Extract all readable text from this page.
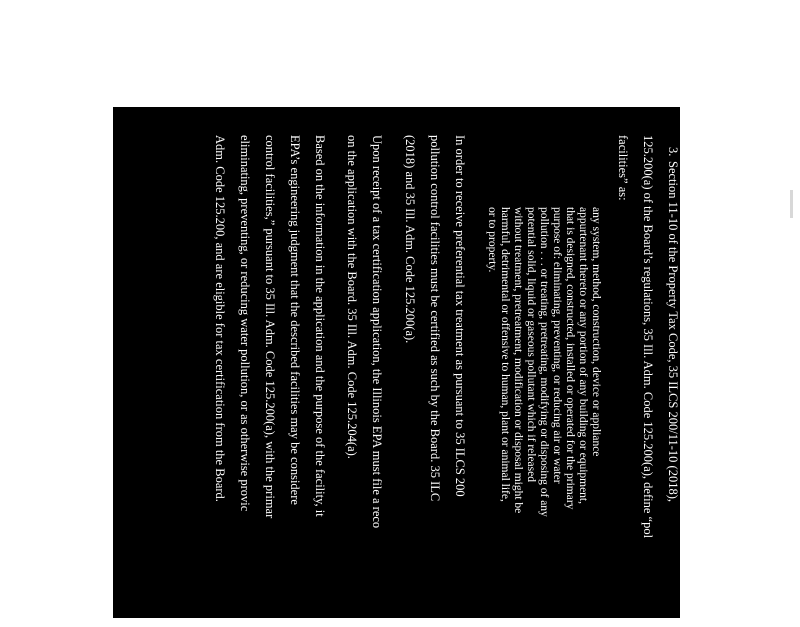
3.
Section 11-10 of the Property Tax Code, 35 ILCS 200/11-10 (2018),
125.200(a) of the Board’s regulations, 35 Ill. Adm. Code 125.200(a), define “pol
facilities” as:
any system, method, construction, device or appliance
appurtenant thereto or any portion of any building or equipment,
that is designed, constructed, installed or operated for the primary
purpose of: eliminating, preventing, or reducing air or water
pollution . . . or treating, pretreating, modifying or disposing of any
potential solid, liquid or gaseous pollutant which if released
without treatment, pretreatment, modification or disposal might be
harmful, detrimental or offensive to human, plant or animal life,
or to property.
4.
In order to receive preferential tax treatment as pursuant to 35 ILCS 200
pollution control facilities must be certified as such by the Board. 35 ILC
(2018) and 35 Ill. Adm. Code 125.200(a).
5.
Upon receipt of a tax certification application, the Illinois EPA must file a reco
on the application with the Board. 35 Ill. Adm. Code 125.204(a).
6.
Based on the information in the application and the purpose of the facility, it
EPA’s engineering judgment that the described facilities may be considere
control facilities,” pursuant to 35 Ill. Adm. Code 125.200(a), with the primar
eliminating, preventing, or reducing water pollution, or as otherwise provic
Adm. Code 125.200, and are eligible for tax certification from the Board.
